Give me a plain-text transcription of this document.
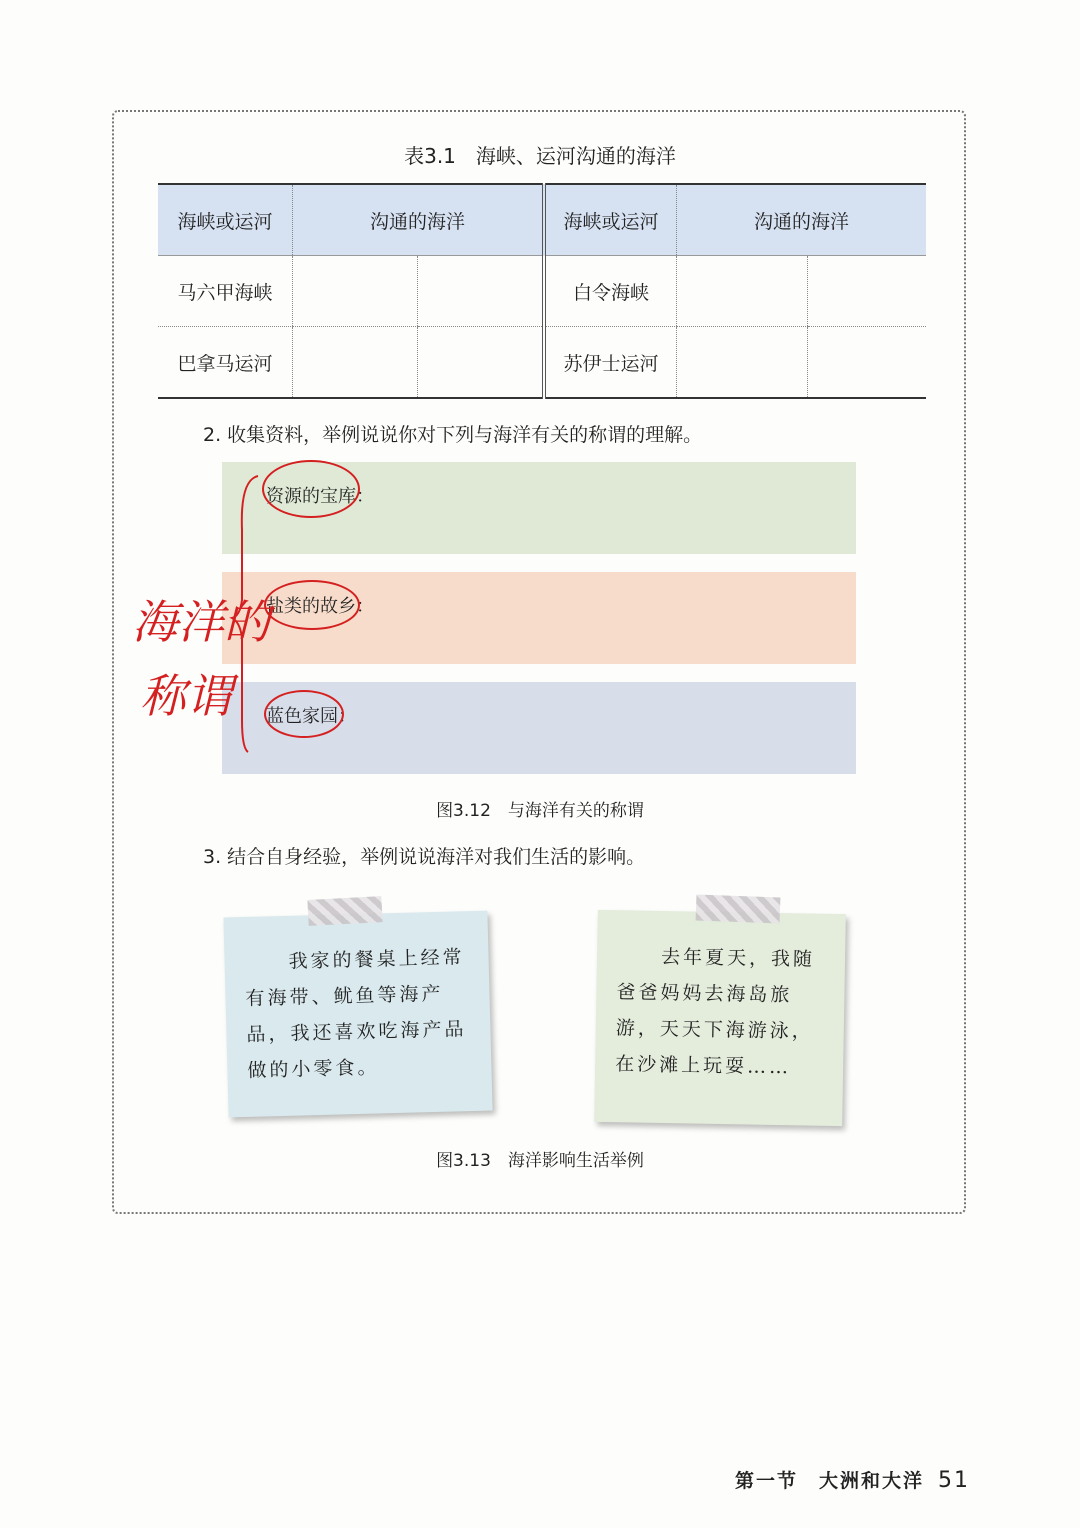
表3.1　海峡、运河沟通的海洋
海峡或运河	沟通的海洋		海峡或运河	沟通的海洋	
马六甲海峡			白令海峡		
巴拿马运河			苏伊士运河		
2. 收集资料，举例说说你对下列与海洋有关的称谓的理解。
资源的宝库：
盐类的故乡：
蓝色家园：
海洋的
称谓
图3.12　与海洋有关的称谓
3. 结合自身经验，举例说说海洋对我们生活的影响。
　　我家的餐桌上经常有海带、鱿鱼等海产品，我还喜欢吃海产品做的小零食。
　　去年夏天，我随爸爸妈妈去海岛旅游，天天下海游泳，在沙滩上玩耍……
图3.13　海洋影响生活举例
第一节　大洲和大洋 51
